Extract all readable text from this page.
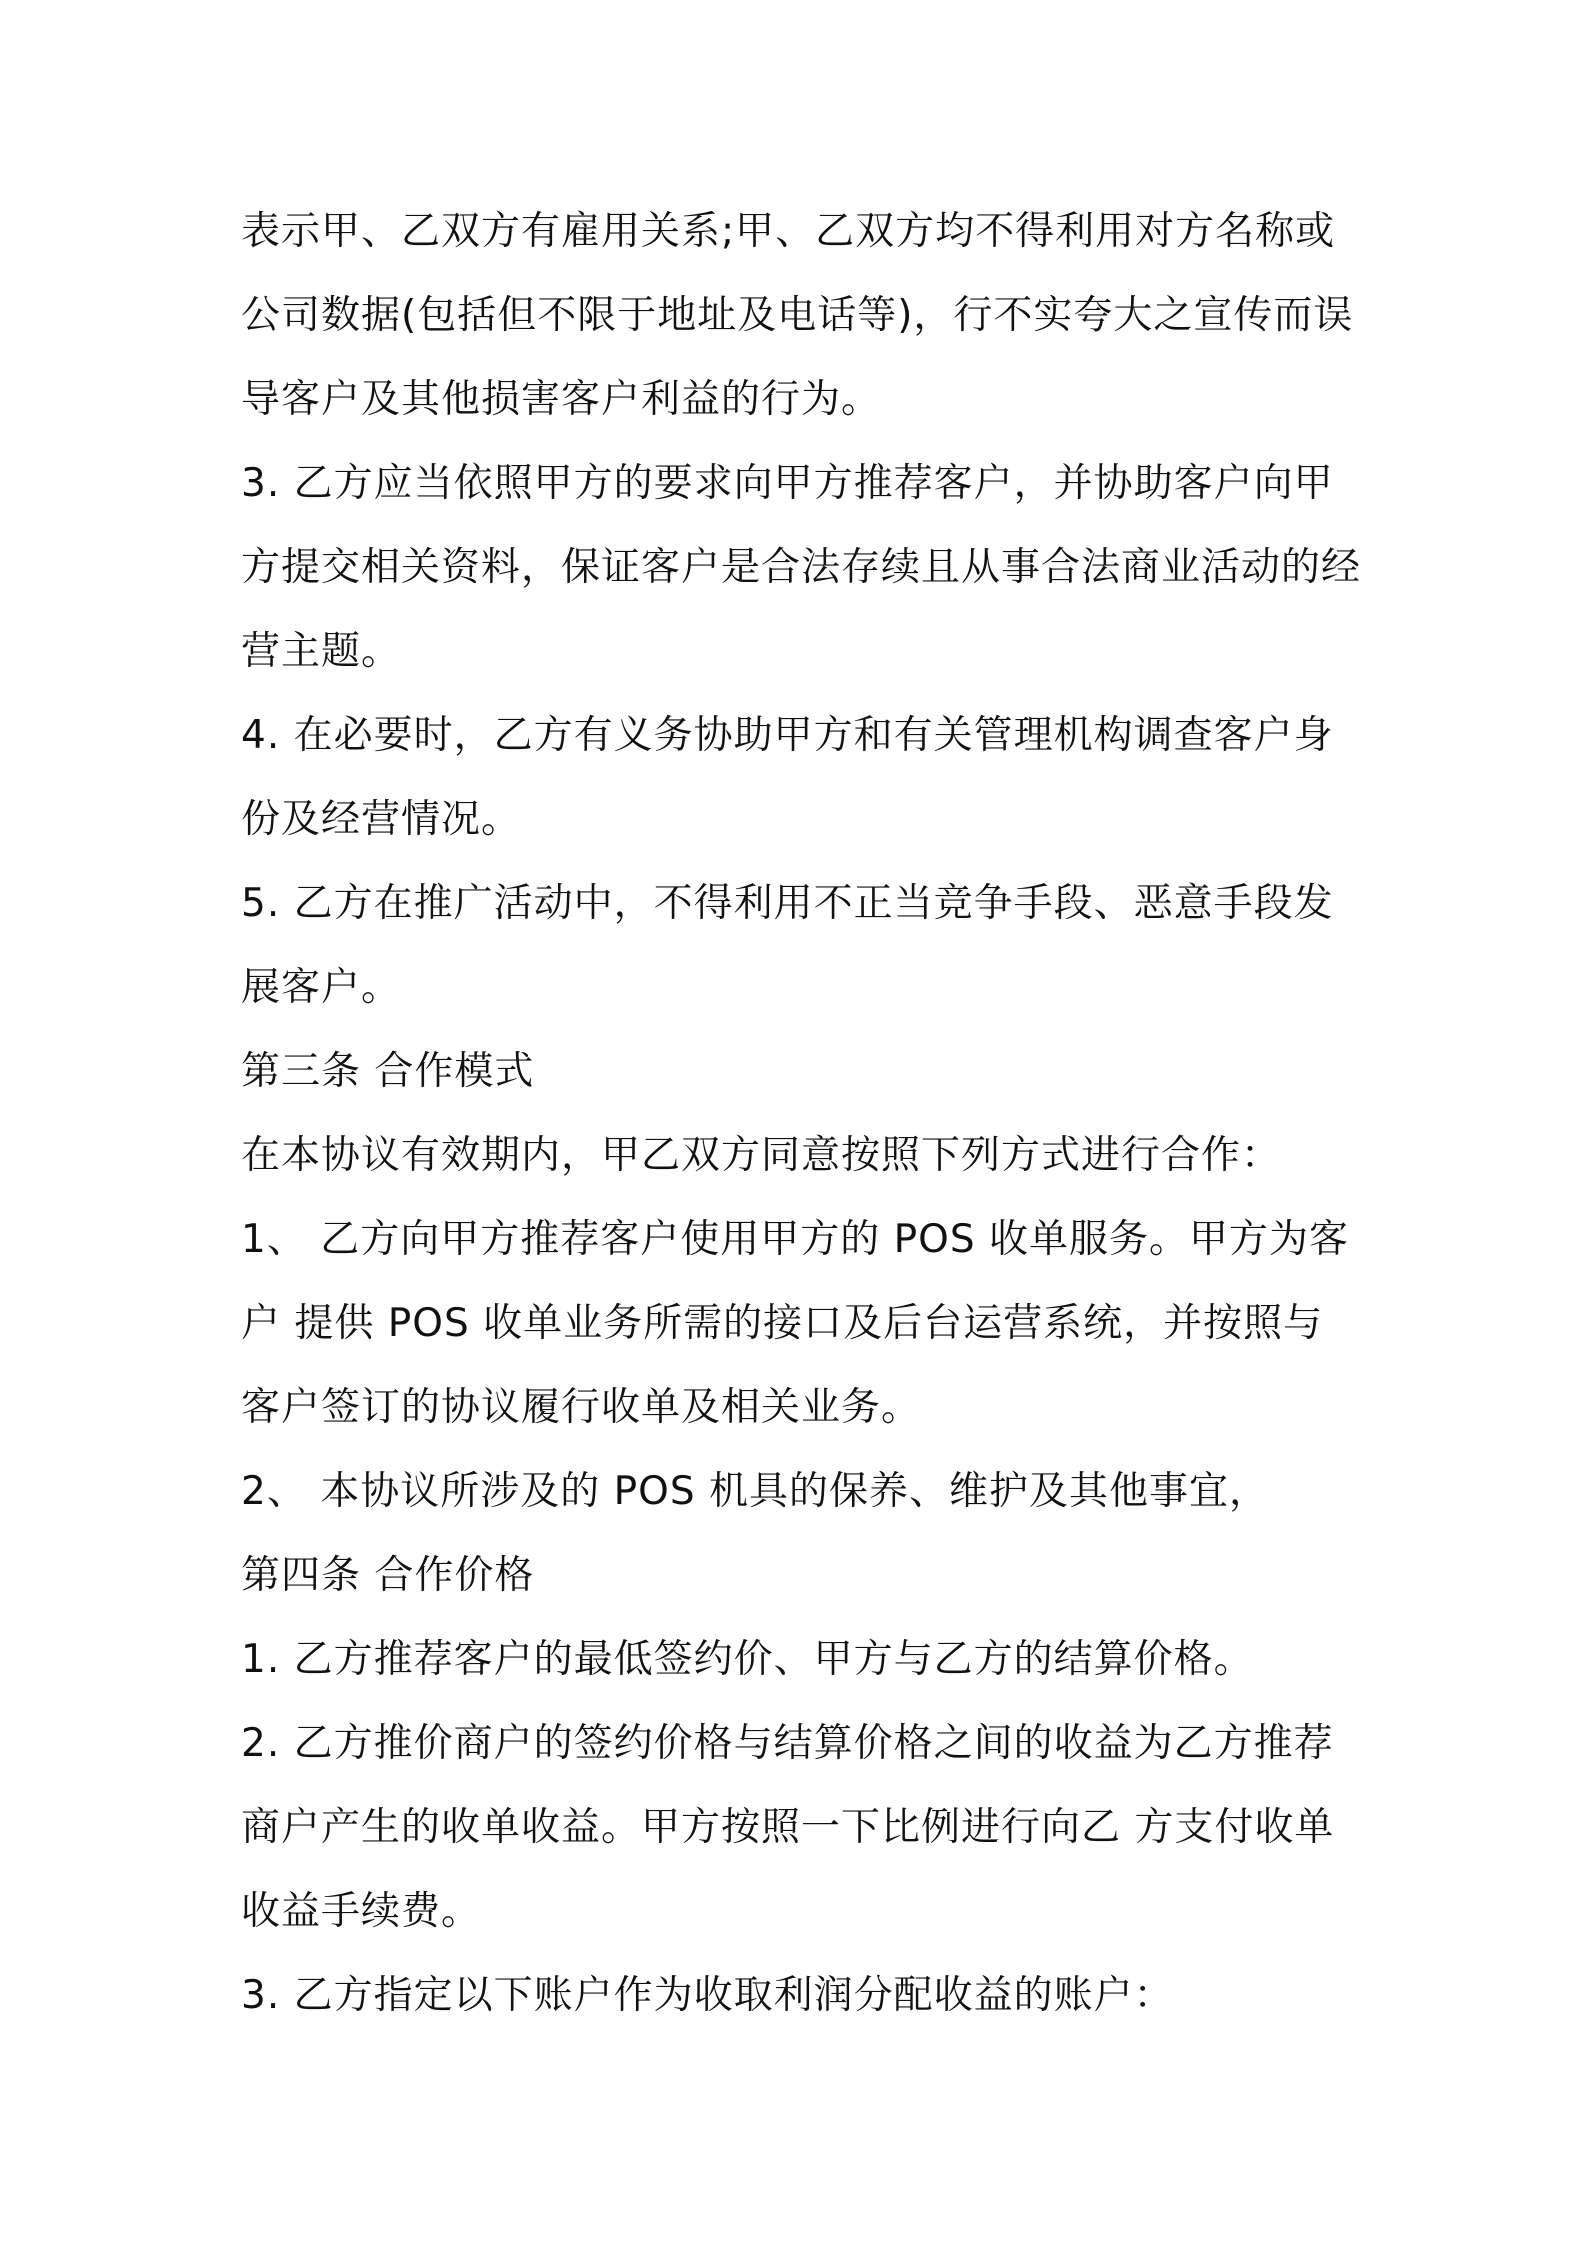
表示甲、乙双方有雇用关系;甲、乙双方均不得利用对方名称或公司数据(包括但不限于地址及电话等)，行不实夸大之宣传而误导客户及其他损害客户利益的行为。

3. 乙方应当依照甲方的要求向甲方推荐客户，并协助客户向甲方提交相关资料，保证客户是合法存续且从事合法商业活动的经营主题。

4. 在必要时，乙方有义务协助甲方和有关管理机构调查客户身份及经营情况。

5. 乙方在推广活动中，不得利用不正当竞争手段、恶意手段发展客户。

第三条 合作模式

在本协议有效期内，甲乙双方同意按照下列方式进行合作：

1、 乙方向甲方推荐客户使用甲方的 POS 收单服务。甲方为客户 提供 POS 收单业务所需的接口及后台运营系统，并按照与客户签订的协议履行收单及相关业务。

2、 本协议所涉及的 POS 机具的保养、维护及其他事宜，

第四条 合作价格

1. 乙方推荐客户的最低签约价、甲方与乙方的结算价格。

2. 乙方推价商户的签约价格与结算价格之间的收益为乙方推荐商户产生的收单收益。甲方按照一下比例进行向乙 方支付收单收益手续费。

3. 乙方指定以下账户作为收取利润分配收益的账户：
